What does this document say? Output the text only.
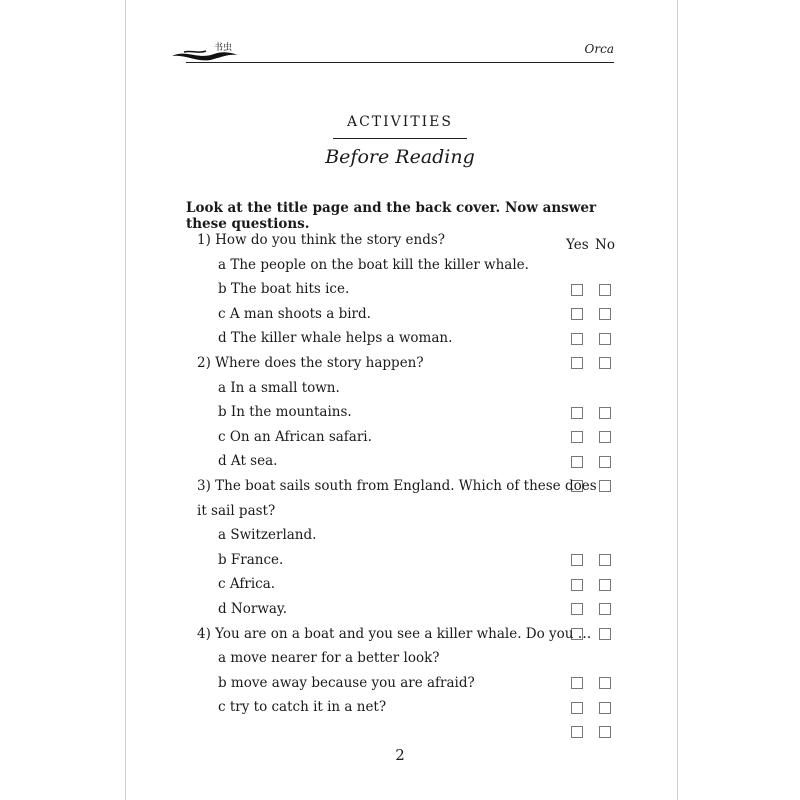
书虫	Orca
ACTIVITIES
Before Reading
Look at the title page and the back cover. Now answer these questions.
Yes No
1) How do you think the story ends?
a The people on the boat kill the killer whale.
b The boat hits ice.
c A man shoots a bird.
d The killer whale helps a woman.
2) Where does the story happen?
a In a small town.
b In the mountains.
c On an African safari.
d At sea.
3) The boat sails south from England. Which of these does
it sail past?
a Switzerland.
b France.
c Africa.
d Norway.
4) You are on a boat and you see a killer whale. Do you …
a move nearer for a better look?
b move away because you are afraid?
c try to catch it in a net?
2
